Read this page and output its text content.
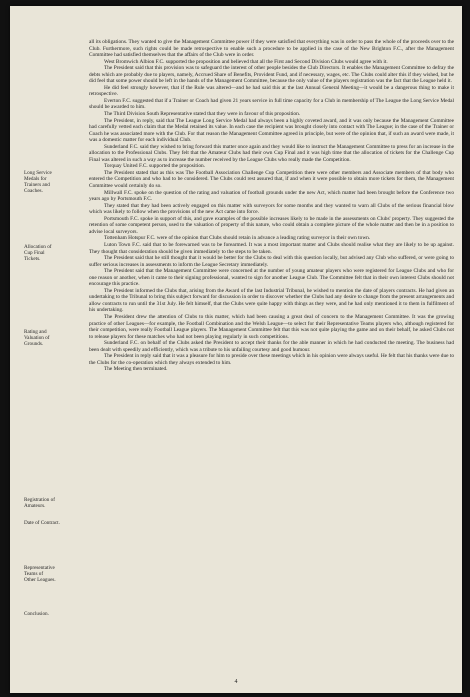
Long Service
Medals for
Trainers and
Coaches.
Allocation of
Cup Final
Tickets.
Rating and
Valuation of
Grounds.
Registration of
Amateurs.
Date of Contract.
Representative
Teams of
Other Leagues.
Conclusion.

all its obligations. They wanted to give the Management Committee power if they were satisfied that everything was in order to pass the whole of the proceeds over to the Club. Furthermore, such rights could be made retrospective to enable such a procedure to be applied in the case of the New Brighton F.C., after the Management Committee had satisfied themselves that the affairs of the Club were in order.

West Bromwich Albion F.C. supported the proposition and believed that all the First and Second Division Clubs would agree with it.

The President said that this provision was to safeguard the interest of other people besides the Club Directors. It enables the Management Committee to defray the debts which are probably due to players, namely, Accrued Share of Benefits, Provident Fund, and if necessary, wages, etc. The Clubs could alter this if they wished, but he did feel that some power should be left in the hands of the Management Committee, because the only value of the players registration was the fact that the League held it.

He did feel strongly however, that if the Rule was altered—and he had said this at the last Annual General Meeting—it would be a dangerous thing to make it retrospective.

Everton F.C. suggested that if a Trainer or Coach had given 21 years service in full time capacity for a Club in membership of The League the Long Service Medal should be awarded to him.

The Third Division South Representative stated that they were in favour of this proposition.

The President, in reply, said that The League Long Service Medal had always been a highly coveted award, and it was only because the Management Committee had carefully vetted each claim that the Medal retained its value. In each case the recipient was brought closely into contact with The League; in the case of the Trainer or Coach he was associated more with the Club. For that reason the Management Committee agreed in principle, but were of the opinion that, if such an award were made, it was a domestic matter for each individual Club.

Sunderland F.C. said they wished to bring forward this matter once again and they would like to instruct the Management Committee to press for an increase in the allocation to the Professional Clubs. They felt that the Amateur Clubs had their own Cup Final and it was high time that the allocation of tickets for the Challenge Cup Final was altered in such a way as to increase the number received by the League Clubs who really made the Competition.

Torquay United F.C. supported the proposition.

The President stated that as this was The Football Association Challenge Cup Competition there were other members and Associate members of that body who entered the Competition and who had to be considered. The Clubs could rest assured that, if and when it were possible to obtain more tickets for them, the Management Committee would certainly do so.

Millwall F.C. spoke on the question of the rating and valuation of football grounds under the new Act, which matter had been brought before the Conference two years ago by Portsmouth F.C.

They stated that they had been actively engaged on this matter with surveyors for some months and they wanted to warn all Clubs of the serious financial blow which was likely to follow when the provisions of the new Act came into force.

Portsmouth F.C. spoke in support of this, and gave examples of the possible increases likely to be made in the assessments on Clubs' property. They suggested the retention of some competent person, used to the valuation of property of this nature, who could obtain a complete picture of the whole matter and then be in a position to advise local surveyors.

Tottenham Hotspur F.C. were of the opinion that Clubs should retain in advance a leading rating surveyor in their own town.

Luton Town F.C. said that to be forewarned was to be forearmed. It was a most important matter and Clubs should realise what they are likely to be up against. They thought that consideration should be given immediately to the steps to be taken.

The President said that he still thought that it would be better for the Clubs to deal with this question locally, but advised any Club who suffered, or were going to suffer serious increases in assessments to inform the League Secretary immediately.

The President said that the Management Committee were concerned at the number of young amateur players who were registered for League Clubs and who for one reason or another, when it came to their signing professional, wanted to sign for another League Club. The Committee felt that in their own interest Clubs should not encourage this practice.

The President informed the Clubs that, arising from the Award of the last Industrial Tribunal, he wished to mention the date of players contracts. He had given an undertaking to the Tribunal to bring this subject forward for discussion in order to discover whether the Clubs had any desire to change from the present arrangements and allow contracts to run until the 31st July. He felt himself, that the Clubs were quite happy with things as they were, and he had only mentioned it to them in fulfilment of his undertaking.

The President drew the attention of Clubs to this matter, which had been causing a great deal of concern to the Management Committee. It was the growing practice of other Leagues—for example, the Football Combination and the Welsh League—to select for their Representative Teams players who, although registered for their competition, were really Football League players. The Management Committee felt that this was not quite playing the game and on their behalf, he asked Clubs not to release players for these matches who had not been playing regularly in such competitions.

Sunderland F.C. on behalf of the Clubs asked the President to accept their thanks for the able manner in which he had conducted the meeting. The business had been dealt with speedily and efficiently, which was a tribute to his unfailing courtesy and good humour.

The President in reply said that it was a pleasure for him to preside over these meetings which in his opinion were always useful. He felt that his thanks were due to the Clubs for the co-operation which they always extended to him.

The Meeting then terminated.

4
